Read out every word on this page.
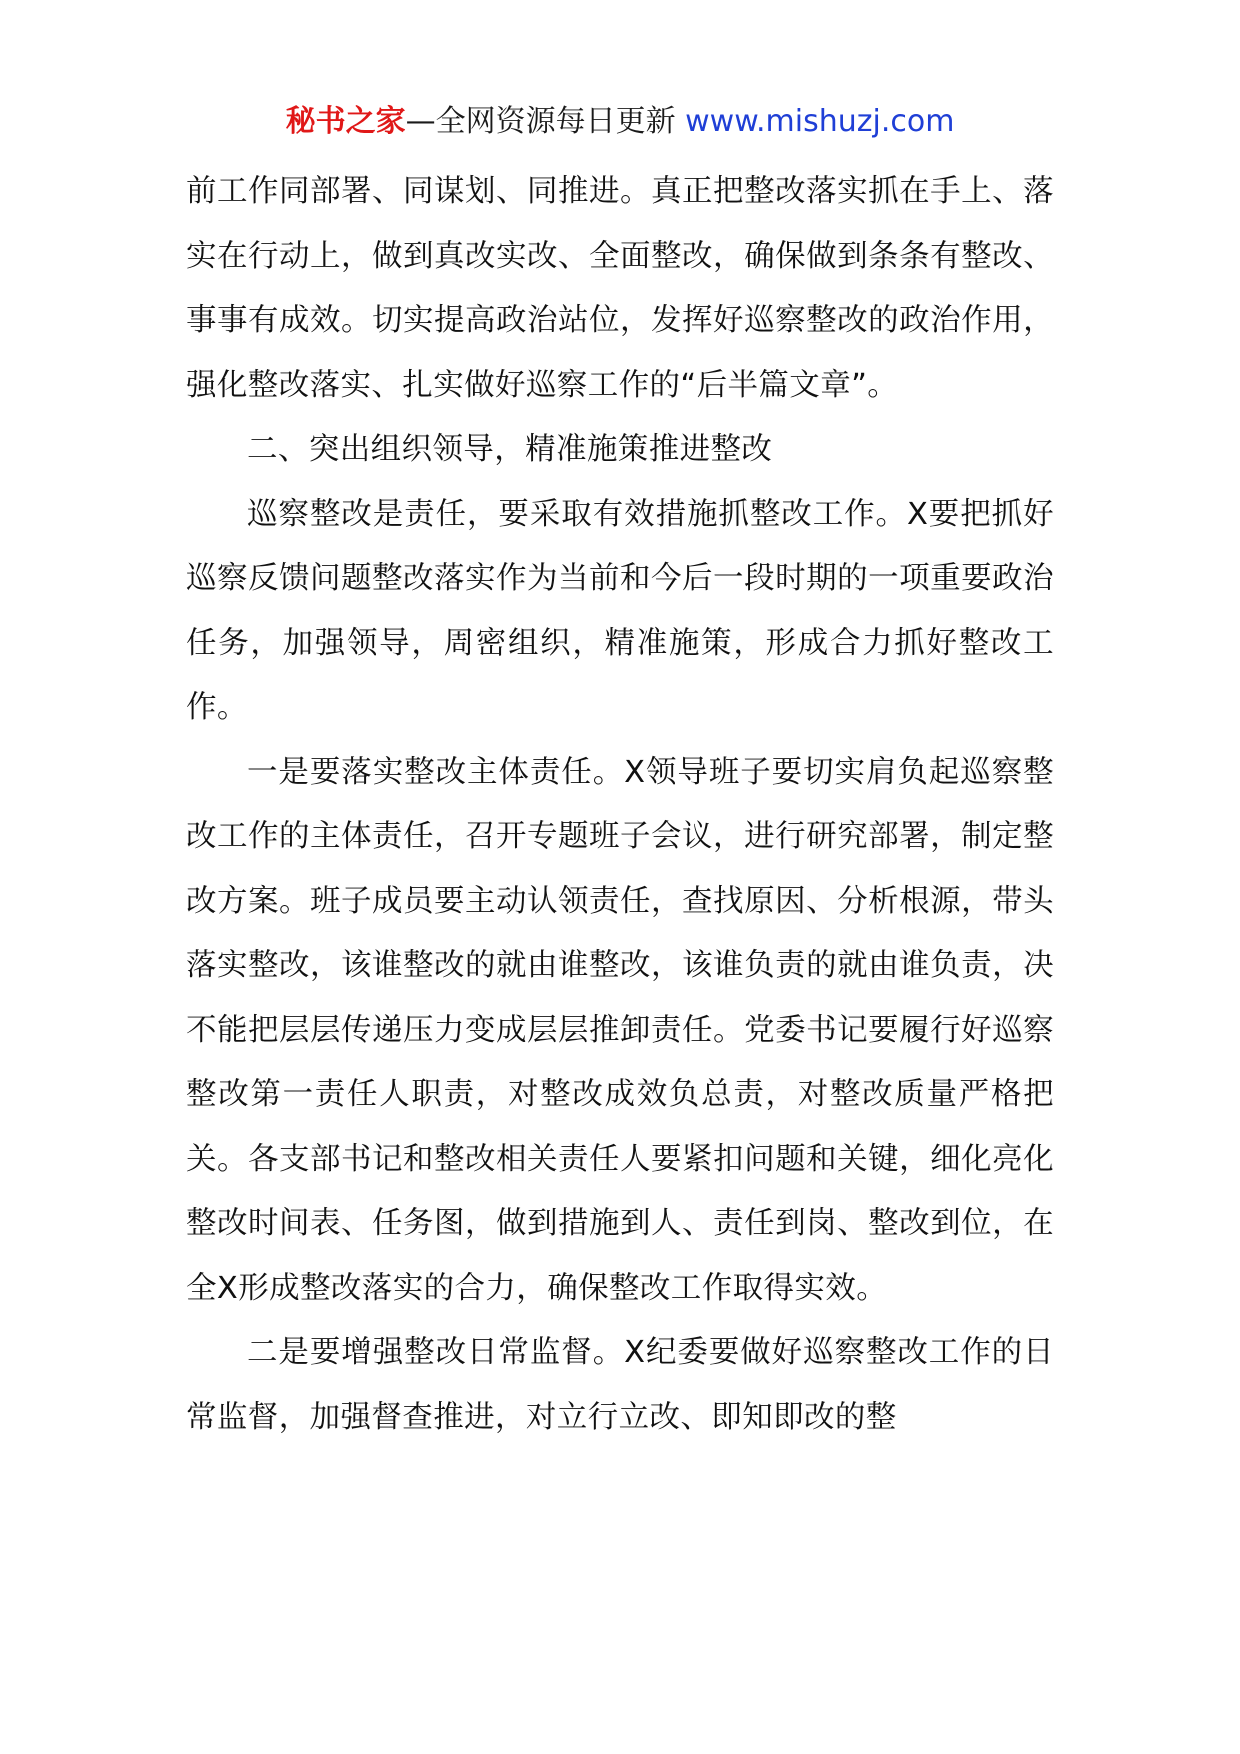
秘书之家—全网资源每日更新 www.mishuzj.com

前工作同部署、同谋划、同推进。真正把整改落实抓在手上、落实在行动上，做到真改实改、全面整改，确保做到条条有整改、事事有成效。切实提高政治站位，发挥好巡察整改的政治作用，强化整改落实、扎实做好巡察工作的“后半篇文章”。

二、突出组织领导，精准施策推进整改

巡察整改是责任，要采取有效措施抓整改工作。X要把抓好巡察反馈问题整改落实作为当前和今后一段时期的一项重要政治任务，加强领导，周密组织，精准施策，形成合力抓好整改工作。

一是要落实整改主体责任。X领导班子要切实肩负起巡察整改工作的主体责任，召开专题班子会议，进行研究部署，制定整改方案。班子成员要主动认领责任，查找原因、分析根源，带头落实整改，该谁整改的就由谁整改，该谁负责的就由谁负责，决不能把层层传递压力变成层层推卸责任。党委书记要履行好巡察整改第一责任人职责，对整改成效负总责，对整改质量严格把关。各支部书记和整改相关责任人要紧扣问题和关键，细化亮化整改时间表、任务图，做到措施到人、责任到岗、整改到位，在全X形成整改落实的合力，确保整改工作取得实效。

二是要增强整改日常监督。X纪委要做好巡察整改工作的日常监督，加强督查推进，对立行立改、即知即改的整
